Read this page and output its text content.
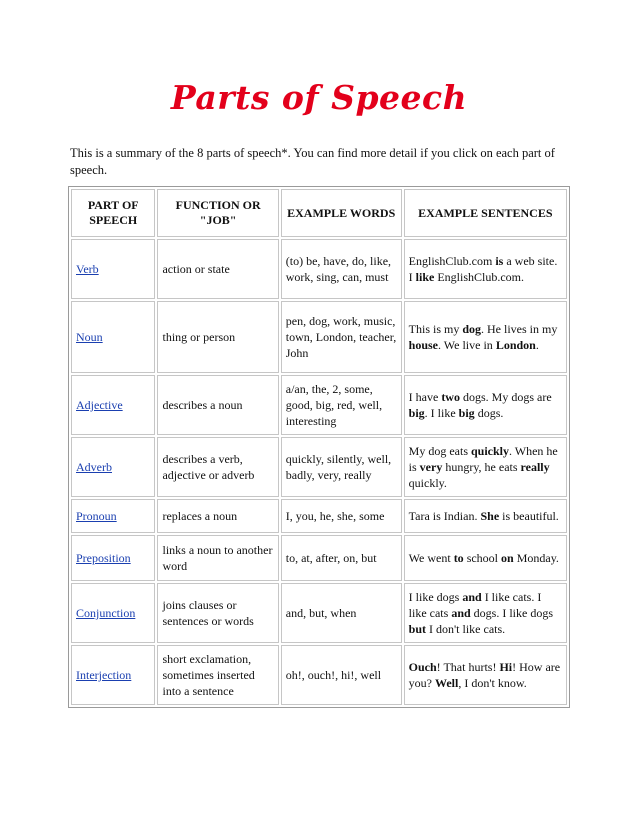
Parts of Speech
This is a summary of the 8 parts of speech*. You can find more detail if you click on each part of speech.
PART OF SPEECH	FUNCTION OR "JOB"	EXAMPLE WORDS	EXAMPLE SENTENCES
Verb	action or state	(to) be, have, do, like, work, sing, can, must	EnglishClub.com is a web site. I like EnglishClub.com.
Noun	thing or person	pen, dog, work, music, town, London, teacher, John	This is my dog. He lives in my house. We live in London.
Adjective	describes a noun	a/an, the, 2, some, good, big, red, well, interesting	I have two dogs. My dogs are big. I like big dogs.
Adverb	describes a verb, adjective or adverb	quickly, silently, well, badly, very, really	My dog eats quickly. When he is very hungry, he eats really quickly.
Pronoun	replaces a noun	I, you, he, she, some	Tara is Indian. She is beautiful.
Preposition	links a noun to another word	to, at, after, on, but	We went to school on Monday.
Conjunction	joins clauses or sentences or words	and, but, when	I like dogs and I like cats. I like cats and dogs. I like dogs but I don't like cats.
Interjection	short exclamation, sometimes inserted into a sentence	oh!, ouch!, hi!, well	Ouch! That hurts! Hi! How are you? Well, I don't know.
